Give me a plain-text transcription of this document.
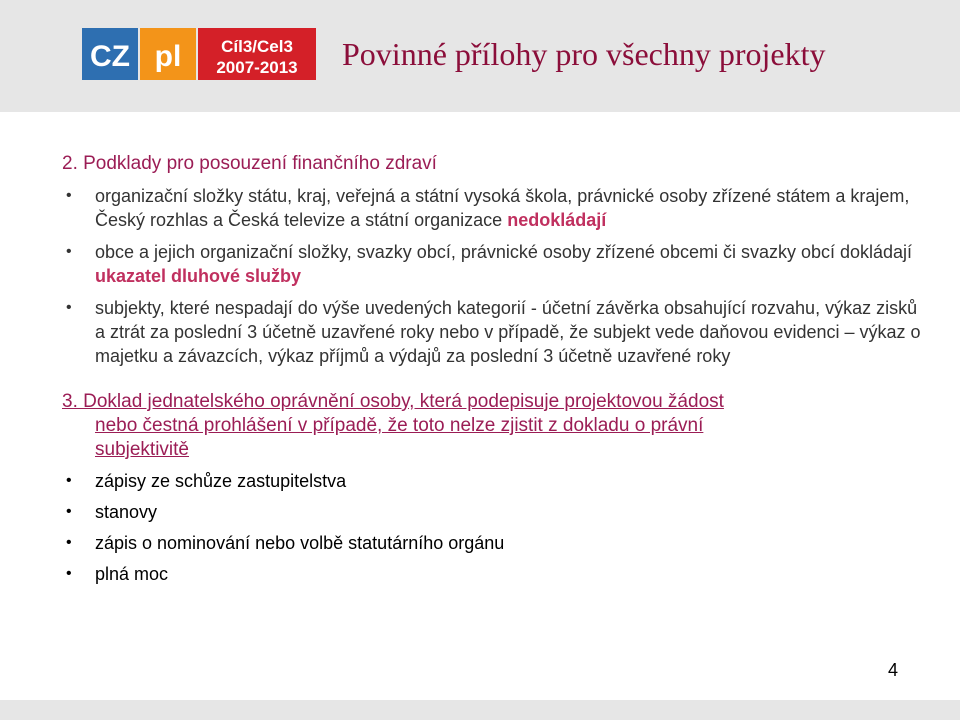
CZ pl Cíl3/Cel3
2007-2013 Povinné přílohy pro všechny projekty

2. Podklady pro posouzení finančního zdraví

• organizační složky státu, kraj, veřejná a státní vysoká škola, právnické osoby zřízené státem a krajem, Český rozhlas a Česká televize a státní organizace nedokládají
• obce a jejich organizační složky, svazky obcí, právnické osoby zřízené obcemi či svazky obcí dokládají ukazatel dluhové služby
• subjekty, které nespadají do výše uvedených kategorií - účetní závěrka obsahující rozvahu, výkaz zisků a ztrát za poslední 3 účetně uzavřené roky nebo v případě, že subjekt vede daňovou evidenci – výkaz o majetku a závazcích, výkaz příjmů a výdajů za poslední 3 účetně uzavřené roky

3. Doklad jednatelského oprávnění osoby, která podepisuje projektovou žádost
nebo čestná prohlášení v případě, že toto nelze zjistit z dokladu o právní
subjektivitě

• zápisy ze schůze zastupitelstva
• stanovy
• zápis o nominování nebo volbě statutárního orgánu
• plná moc
4
